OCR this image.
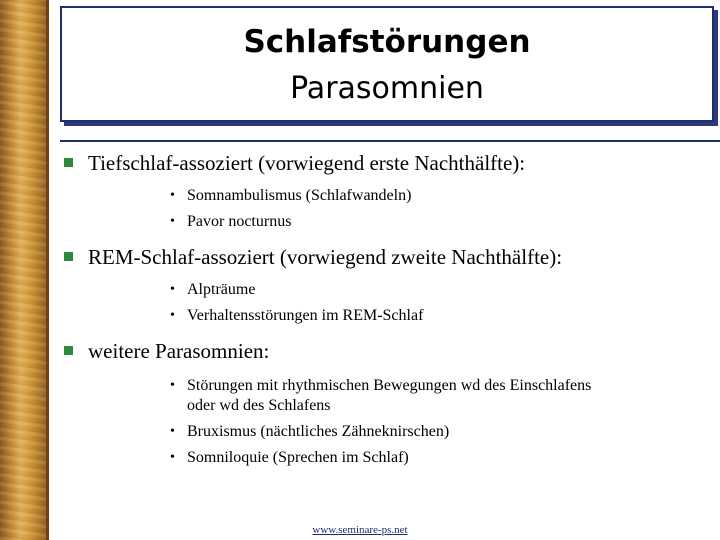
Schlafstörungen
Parasomnien
Tiefschlaf-assoziert (vorwiegend erste Nachthälfte):
• Somnambulismus (Schlafwandeln)
• Pavor nocturnus
REM-Schlaf-assoziert (vorwiegend zweite Nachthälfte):
• Alpträume
• Verhaltensstörungen im REM-Schlaf
weitere Parasomnien:
• Störungen mit rhythmischen Bewegungen wd des Einschlafens
oder wd des Schlafens
• Bruxismus (nächtliches Zähneknirschen)
• Somniloquie (Sprechen im Schlaf)
www.seminare-ps.net
